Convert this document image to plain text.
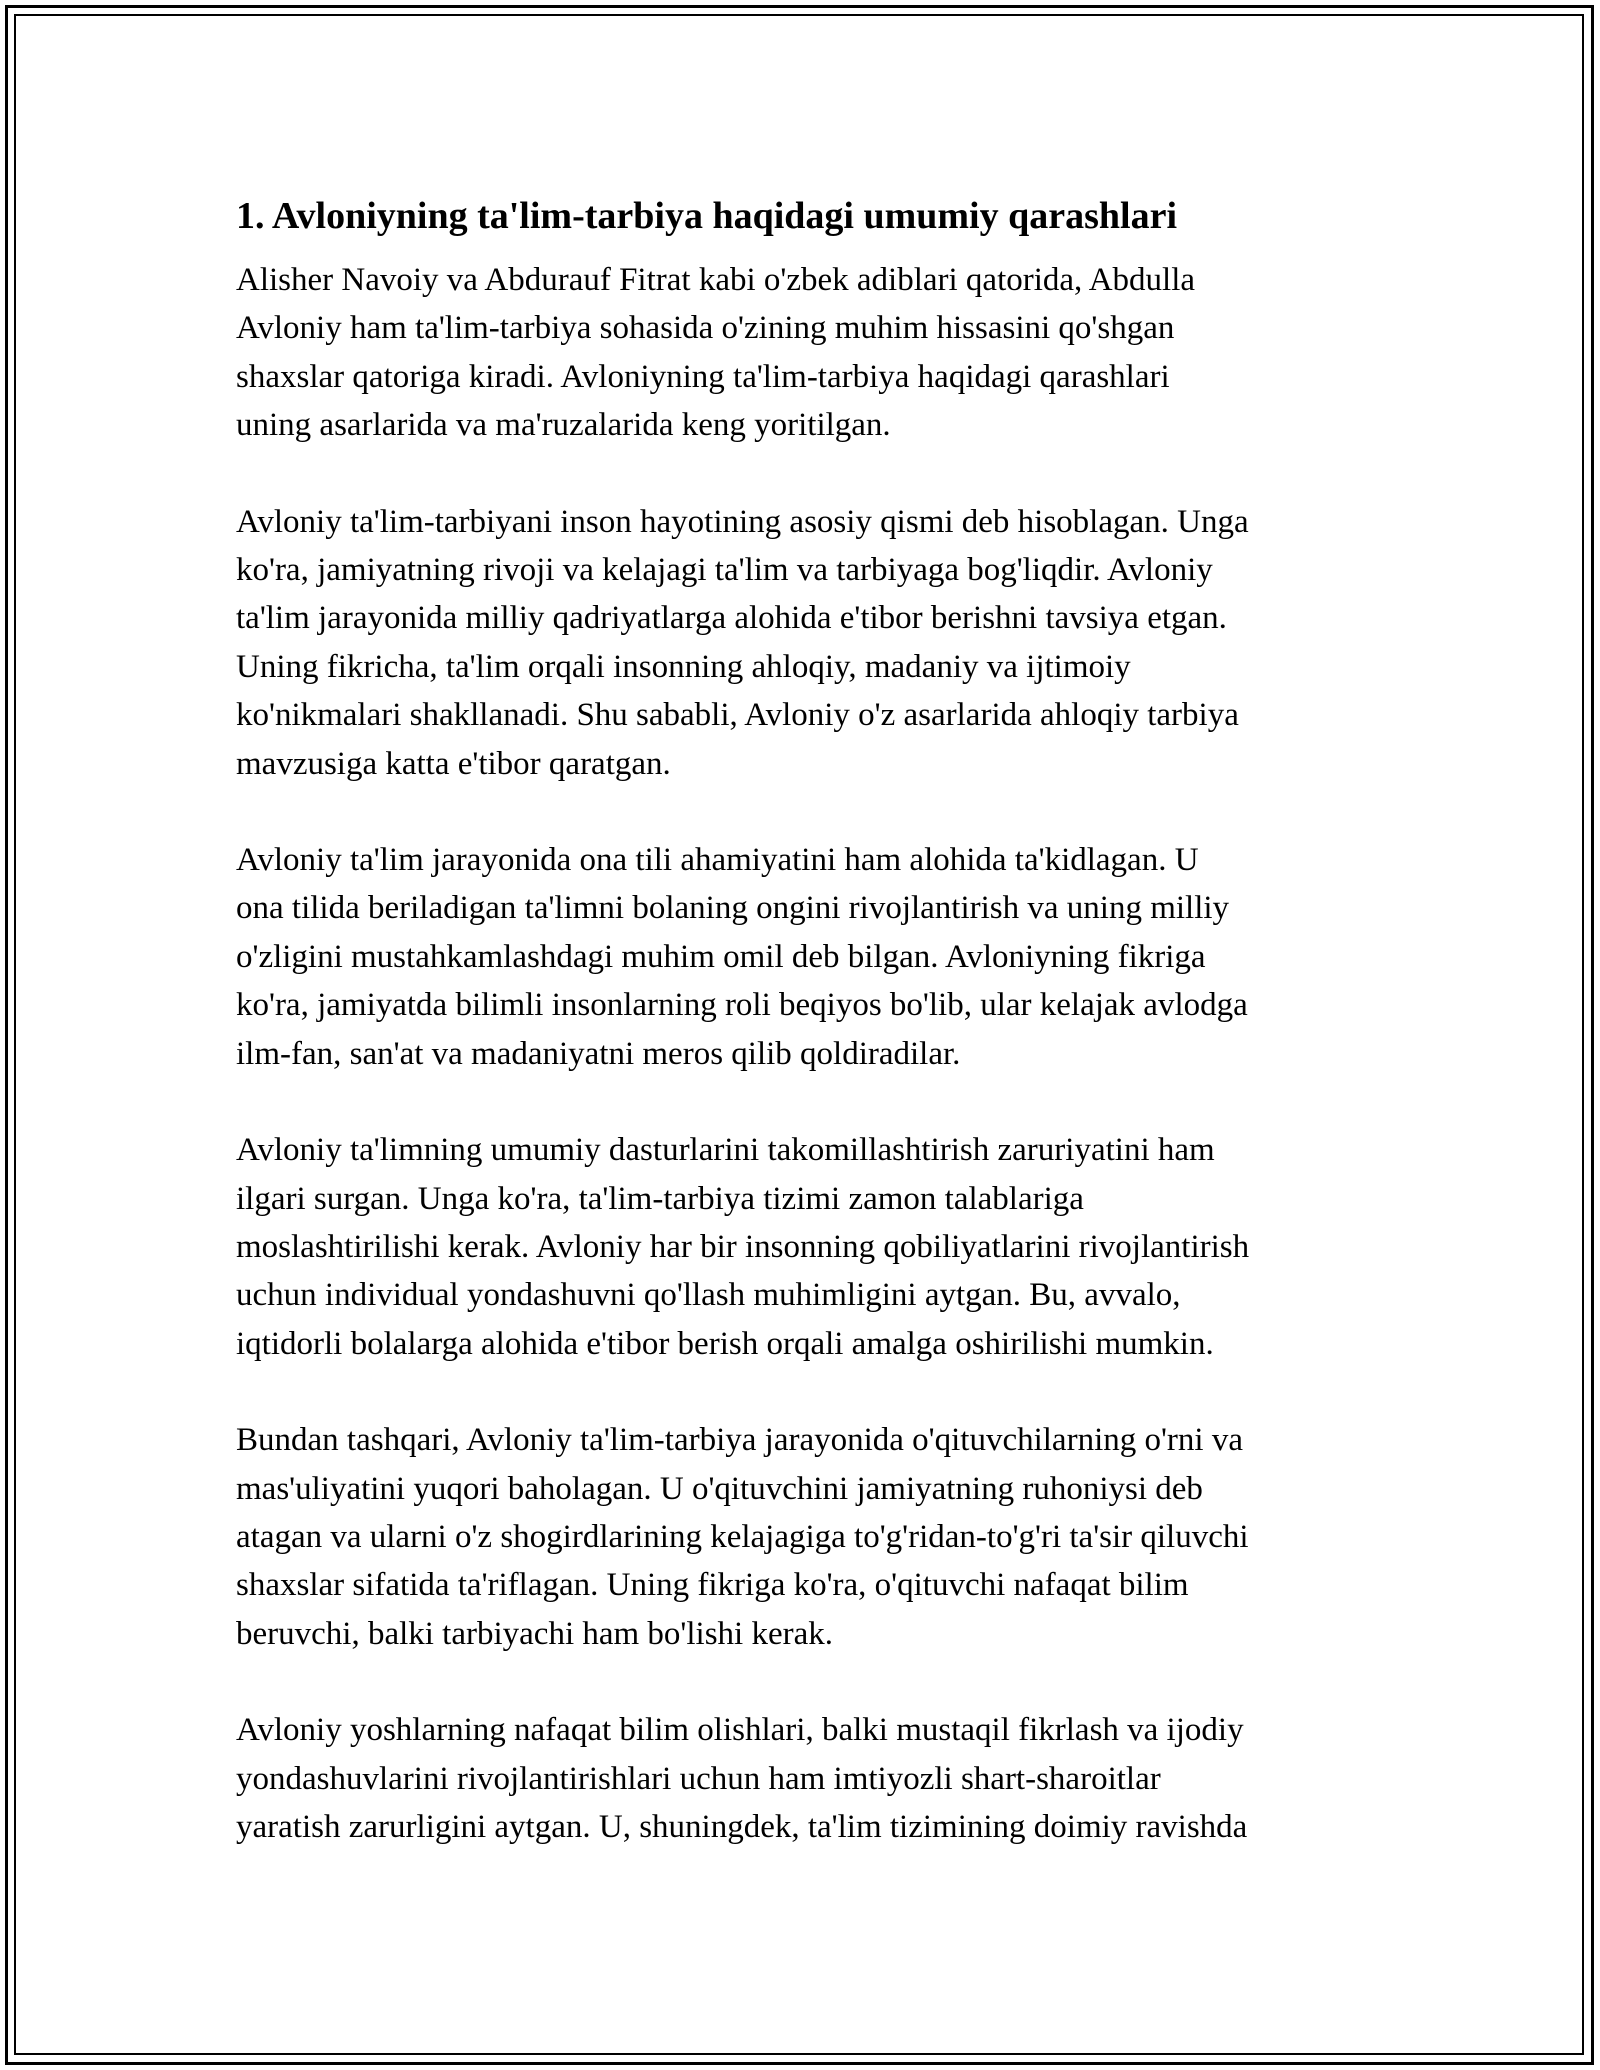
1. Avloniyning ta'lim-tarbiya haqidagi umumiy qarashlari

Alisher Navoiy va Abdurauf Fitrat kabi o'zbek adiblari qatorida, Abdulla
Avloniy ham ta'lim-tarbiya sohasida o'zining muhim hissasini qo'shgan
shaxslar qatoriga kiradi. Avloniyning ta'lim-tarbiya haqidagi qarashlari
uning asarlarida va ma'ruzalarida keng yoritilgan.

Avloniy ta'lim-tarbiyani inson hayotining asosiy qismi deb hisoblagan. Unga
ko'ra, jamiyatning rivoji va kelajagi ta'lim va tarbiyaga bog'liqdir. Avloniy
ta'lim jarayonida milliy qadriyatlarga alohida e'tibor berishni tavsiya etgan.
Uning fikricha, ta'lim orqali insonning ahloqiy, madaniy va ijtimoiy
ko'nikmalari shakllanadi. Shu sababli, Avloniy o'z asarlarida ahloqiy tarbiya
mavzusiga katta e'tibor qaratgan.

Avloniy ta'lim jarayonida ona tili ahamiyatini ham alohida ta'kidlagan. U
ona tilida beriladigan ta'limni bolaning ongini rivojlantirish va uning milliy
o'zligini mustahkamlashdagi muhim omil deb bilgan. Avloniyning fikriga
ko'ra, jamiyatda bilimli insonlarning roli beqiyos bo'lib, ular kelajak avlodga
ilm-fan, san'at va madaniyatni meros qilib qoldiradilar.

Avloniy ta'limning umumiy dasturlarini takomillashtirish zaruriyatini ham
ilgari surgan. Unga ko'ra, ta'lim-tarbiya tizimi zamon talablariga
moslashtirilishi kerak. Avloniy har bir insonning qobiliyatlarini rivojlantirish
uchun individual yondashuvni qo'llash muhimligini aytgan. Bu, avvalo,
iqtidorli bolalarga alohida e'tibor berish orqali amalga oshirilishi mumkin.

Bundan tashqari, Avloniy ta'lim-tarbiya jarayonida o'qituvchilarning o'rni va
mas'uliyatini yuqori baholagan. U o'qituvchini jamiyatning ruhoniysi deb
atagan va ularni o'z shogirdlarining kelajagiga to'g'ridan-to'g'ri ta'sir qiluvchi
shaxslar sifatida ta'riflagan. Uning fikriga ko'ra, o'qituvchi nafaqat bilim
beruvchi, balki tarbiyachi ham bo'lishi kerak.

Avloniy yoshlarning nafaqat bilim olishlari, balki mustaqil fikrlash va ijodiy
yondashuvlarini rivojlantirishlari uchun ham imtiyozli shart-sharoitlar
yaratish zarurligini aytgan. U, shuningdek, ta'lim tizimining doimiy ravishda
